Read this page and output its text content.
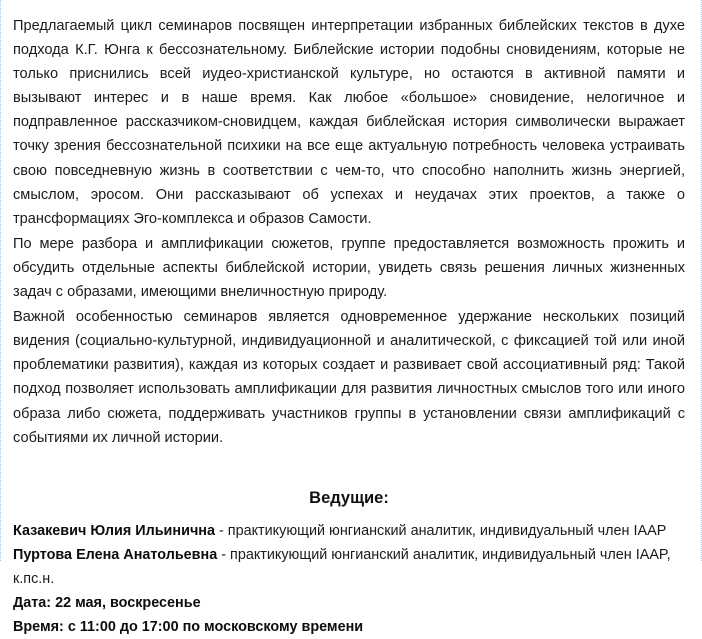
Предлагаемый цикл семинаров посвящен интерпретации избранных библейских текстов в духе подхода К.Г. Юнга к бессознательному. Библейские истории подобны сновидениям, которые не только приснились всей иудео-христианской культуре, но остаются в активной памяти и вызывают интерес и в наше время. Как любое «большое» сновидение, нелогичное и подправленное рассказчиком-сновидцем, каждая библейская история символически выражает точку зрения бессознательной психики на все еще актуальную потребность человека устраивать свою повседневную жизнь в соответствии с чем-то, что способно наполнить жизнь энергией, смыслом, эросом. Они рассказывают об успехах и неудачах этих проектов, а также о трансформациях Эго-комплекса и образов Самости.

По мере разбора и амплификации сюжетов, группе предоставляется возможность прожить и обсудить отдельные аспекты библейской истории, увидеть связь решения личных жизненных задач с образами, имеющими внеличностную природу.

Важной особенностью семинаров является одновременное удержание нескольких позиций видения (социально-культурной, индивидуационной и аналитической, с фиксацией той или иной проблематики развития), каждая из которых создает и развивает свой ассоциативный ряд: Такой подход позволяет использовать амплификации для развития личностных смыслов того или иного образа либо сюжета, поддерживать участников группы в установлении связи амплификаций с событиями их личной истории.

Ведущие:

Казакевич Юлия Ильинична - практикующий юнгианский аналитик, индивидуальный член IAAP

Пуртова Елена Анатольевна - практикующий юнгианский аналитик, индивидуальный член IAAP, к.пс.н.

Дата: 22 мая, воскресенье

Время: с 11:00 до 17:00 по московскому времени
